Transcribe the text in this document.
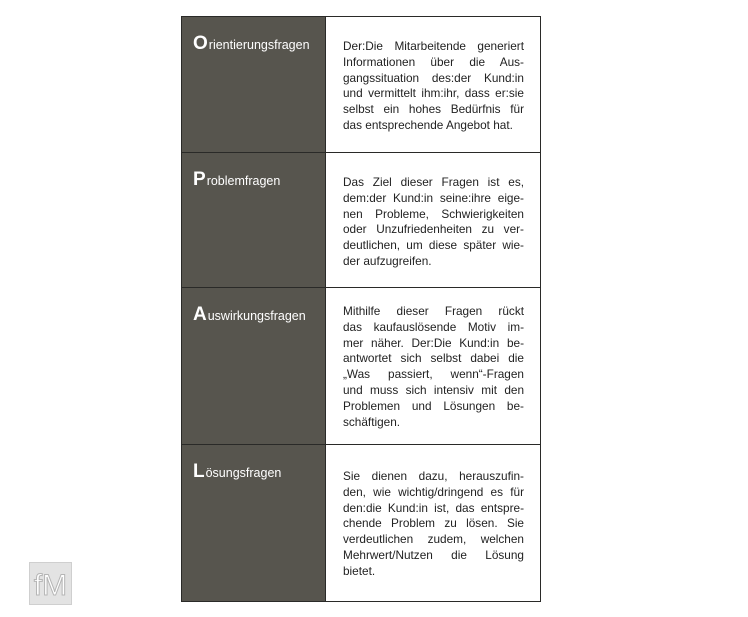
Orientierungsfragen	Der:Die Mitarbeitende generiert
Informationen über die Aus-
gangssituation des:der Kund:in
und vermittelt ihm:ihr, dass er:sie
selbst ein hohes Bedürfnis für
das entsprechende Angebot hat.
Problemfragen	Das Ziel dieser Fragen ist es,
dem:der Kund:in seine:ihre eige-
nen Probleme, Schwierigkeiten
oder Unzufriedenheiten zu ver-
deutlichen, um diese später wie-
der aufzugreifen.
Auswirkungsfragen	Mithilfe dieser Fragen rückt
das kaufauslösende Motiv im-
mer näher. Der:Die Kund:in be-
antwortet sich selbst dabei die
„Was passiert, wenn“-Fragen
und muss sich intensiv mit den
Problemen und Lösungen be-
schäftigen.
Lösungsfragen	Sie dienen dazu, herauszufin-
den, wie wichtig/dringend es für
den:die Kund:in ist, das entspre-
chende Problem zu lösen. Sie
verdeutlichen zudem, welchen
Mehrwert/Nutzen die Lösung
bietet.
fM
